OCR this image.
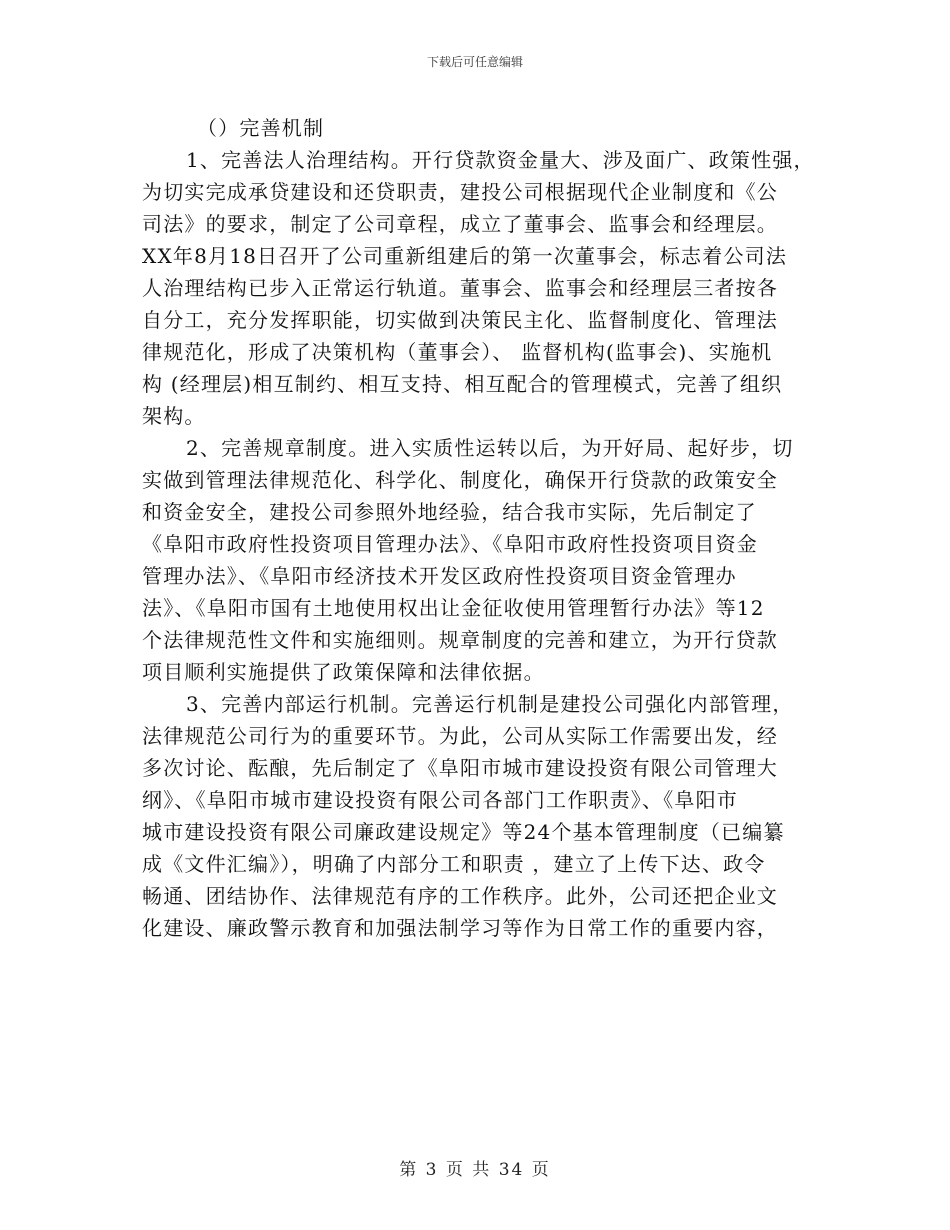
下载后可任意编辑
（）完善机制
1、完善法人治理结构。开行贷款资金量大、涉及面广、政策性强，
为切实完成承贷建设和还贷职责，建投公司根据现代企业制度和《公
司法》的要求，制定了公司章程，成立了董事会、监事会和经理层。
XX年8月18日召开了公司重新组建后的第一次董事会，标志着公司法
人治理结构已步入正常运行轨道。董事会、监事会和经理层三者按各
自分工，充分发挥职能，切实做到决策民主化、监督制度化、管理法
律规范化，形成了决策机构（董事会）、 监督机构(监事会)、实施机
构 (经理层)相互制约、相互支持、相互配合的管理模式，完善了组织
架构。
2、完善规章制度。进入实质性运转以后，为开好局、起好步，切
实做到管理法律规范化、科学化、制度化，确保开行贷款的政策安全
和资金安全，建投公司参照外地经验，结合我市实际，先后制定了
《阜阳市政府性投资项目管理办法》、《阜阳市政府性投资项目资金
管理办法》、《阜阳市经济技术开发区政府性投资项目资金管理办
法》、《阜阳市国有土地使用权出让金征收使用管理暂行办法》等12
个法律规范性文件和实施细则。规章制度的完善和建立，为开行贷款
项目顺利实施提供了政策保障和法律依据。
3、完善内部运行机制。完善运行机制是建投公司强化内部管理，
法律规范公司行为的重要环节。为此，公司从实际工作需要出发，经
多次讨论、酝酿，先后制定了《阜阳市城市建设投资有限公司管理大
纲》、《阜阳市城市建设投资有限公司各部门工作职责》、《阜阳市
城市建设投资有限公司廉政建设规定》等24个基本管理制度（已编纂
成《文件汇编》），明确了内部分工和职责 ，建立了上传下达、政令
畅通、团结协作、法律规范有序的工作秩序。此外，公司还把企业文
化建设、廉政警示教育和加强法制学习等作为日常工作的重要内容，
第 3 页 共 34 页
